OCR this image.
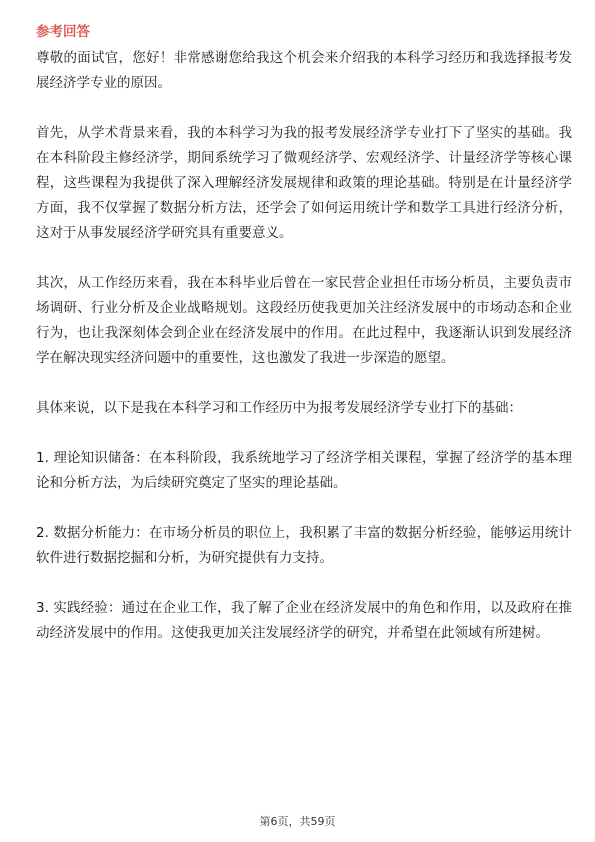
参考回答

尊敬的面试官，您好！非常感谢您给我这个机会来介绍我的本科学习经历和我选择报考发展经济学专业的原因。

首先，从学术背景来看，我的本科学习为我的报考发展经济学专业打下了坚实的基础。我在本科阶段主修经济学，期间系统学习了微观经济学、宏观经济学、计量经济学等核心课程，这些课程为我提供了深入理解经济发展规律和政策的理论基础。特别是在计量经济学方面，我不仅掌握了数据分析方法，还学会了如何运用统计学和数学工具进行经济分析，这对于从事发展经济学研究具有重要意义。

其次，从工作经历来看，我在本科毕业后曾在一家民营企业担任市场分析员，主要负责市场调研、行业分析及企业战略规划。这段经历使我更加关注经济发展中的市场动态和企业行为，也让我深刻体会到企业在经济发展中的作用。在此过程中，我逐渐认识到发展经济学在解决现实经济问题中的重要性，这也激发了我进一步深造的愿望。

具体来说，以下是我在本科学习和工作经历中为报考发展经济学专业打下的基础：

1. 理论知识储备：在本科阶段，我系统地学习了经济学相关课程，掌握了经济学的基本理论和分析方法，为后续研究奠定了坚实的理论基础。

2. 数据分析能力：在市场分析员的职位上，我积累了丰富的数据分析经验，能够运用统计软件进行数据挖掘和分析，为研究提供有力支持。

3. 实践经验：通过在企业工作，我了解了企业在经济发展中的角色和作用，以及政府在推动经济发展中的作用。这使我更加关注发展经济学的研究，并希望在此领域有所建树。

第6页，共59页
